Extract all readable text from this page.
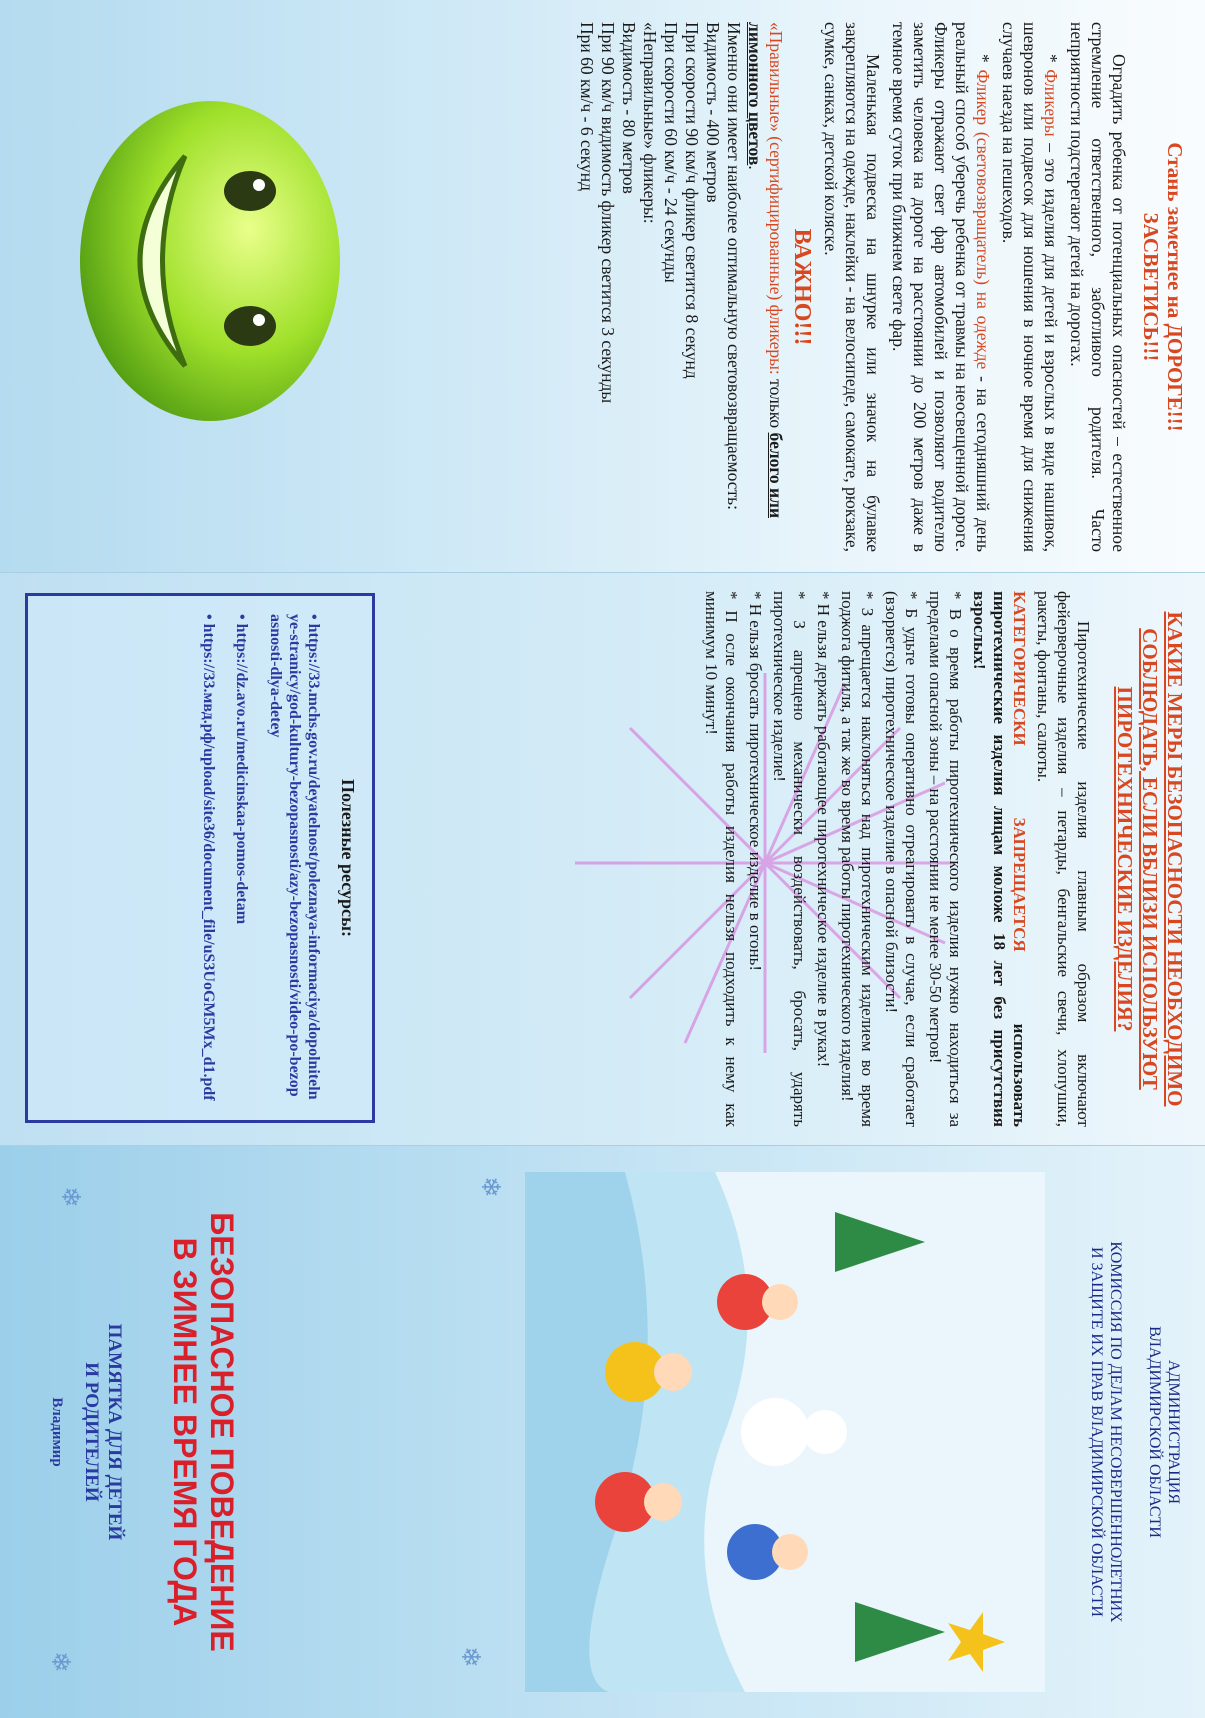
Стань заметнее на ДОРОГЕ!!!
ЗАСВЕТИСЬ!!!

Оградить ребенка от потенциальных опасностей – естественное стремление ответственного, заботливого родителя. Часто неприятности подстерегают детей на дорогах.

* Фликеры – это изделия для детей и взрослых в виде нашивок, шевронов или подвесок для ношения в ночное время для снижения случаев наезда на пешеходов.

* Фликер (световозвращатель) на одежде - на сегодняшний день реальный способ уберечь ребенка от травмы на неосвещенной дороге. Фликеры отражают свет фар автомобилей и позволяют водителю заметить человека на дороге на расстоянии до 200 метров даже в темное время суток при ближнем свете фар.

Маленькая подвеска на шнурке или значок на булавке закрепляются на одежде, наклейки - на велосипеде, самокате, рюкзаке, сумке, санках, детской коляске.

ВАЖНО!!!

«Правильные» (сертифицированные) фликеры: только белого или лимонного цветов.

Именно они имеет наиболее оптимальную световозвращаемость:

Видимость - 400 метров

При скорости 90 км/ч фликер светится 8 секунд

При скорости 60 км/ч - 24 секунды

«Неправильные» фликеры:

Видимость - 80 метров

При 90 км/ч видимость фликер светится 3 секунды

При 60 км/ч - 6 секунд

КАКИЕ МЕРЫ БЕЗОПАСНОСТИ НЕОБХОДИМО СОБЛЮДАТЬ, ЕСЛИ ВБЛИЗИ ИСПОЛЬЗУЮТ ПИРОТЕХНИЧЕСКИЕ ИЗДЕЛИЯ?

Пиротехнические изделия главным образом включают фейерверочные изделия – петарды, бенгальские свечи, хлопушки, ракеты, фонтаны, салюты.

КАТЕГОРИЧЕСКИ ЗАПРЕЩАЕТСЯ использовать пиротехнические изделия лицам моложе 18 лет без присутствия взрослых!

* В о время работы пиротехнического изделия нужно находиться за пределами опасной зоны – на расстоянии не менее 30-50 метров!

* Б удьте готовы оперативно отреагировать в случае, если сработает (взорвется) пиротехническое изделие в опасной близости!

* З апрещается наклоняться над пиротехническим изделием во время поджога фитиля, а так же во время работы пиротехнического изделия!

* Н ельзя держать работающее пиротехническое изделие в руках!

* З апрещено механически воздействовать, бросать, ударять пиротехническое изделие!

* Н ельзя бросать пиротехническое изделие в огонь!

* П осле окончания работы изделия нельзя подходить к нему как минимум 10 минут!

Полезные ресурсы:
• https://33.mchs.gov.ru/deyatelnost/poleznaya-informaciya/dopolnitelnye-stranicy/god-kultury-bezopasnosti/azy-bezopasnosti/video-po-bezopasnosti-dlya-detey
• https://dz.avo.ru/medicinskaa-pomos-detam
• https://33.мвд.рф/upload/site36/document_file/uS3UoGM5Mx_d1.pdf
АДМИНИСТРАЦИЯ
ВЛАДИМИРСКОЙ ОБЛАСТИ
КОМИССИЯ ПО ДЕЛАМ НЕСОВЕРШЕННОЛЕТНИХ
И ЗАЩИТЕ ИХ ПРАВ ВЛАДИМИРСКОЙ ОБЛАСТИ
БЕЗОПАСНОЕ ПОВЕДЕНИЕ
В ЗИМНЕЕ ВРЕМЯ ГОДА
ПАМЯТКА ДЛЯ ДЕТЕЙ
И РОДИТЕЛЕЙ
Владимир
❄
❄
❄
❄
